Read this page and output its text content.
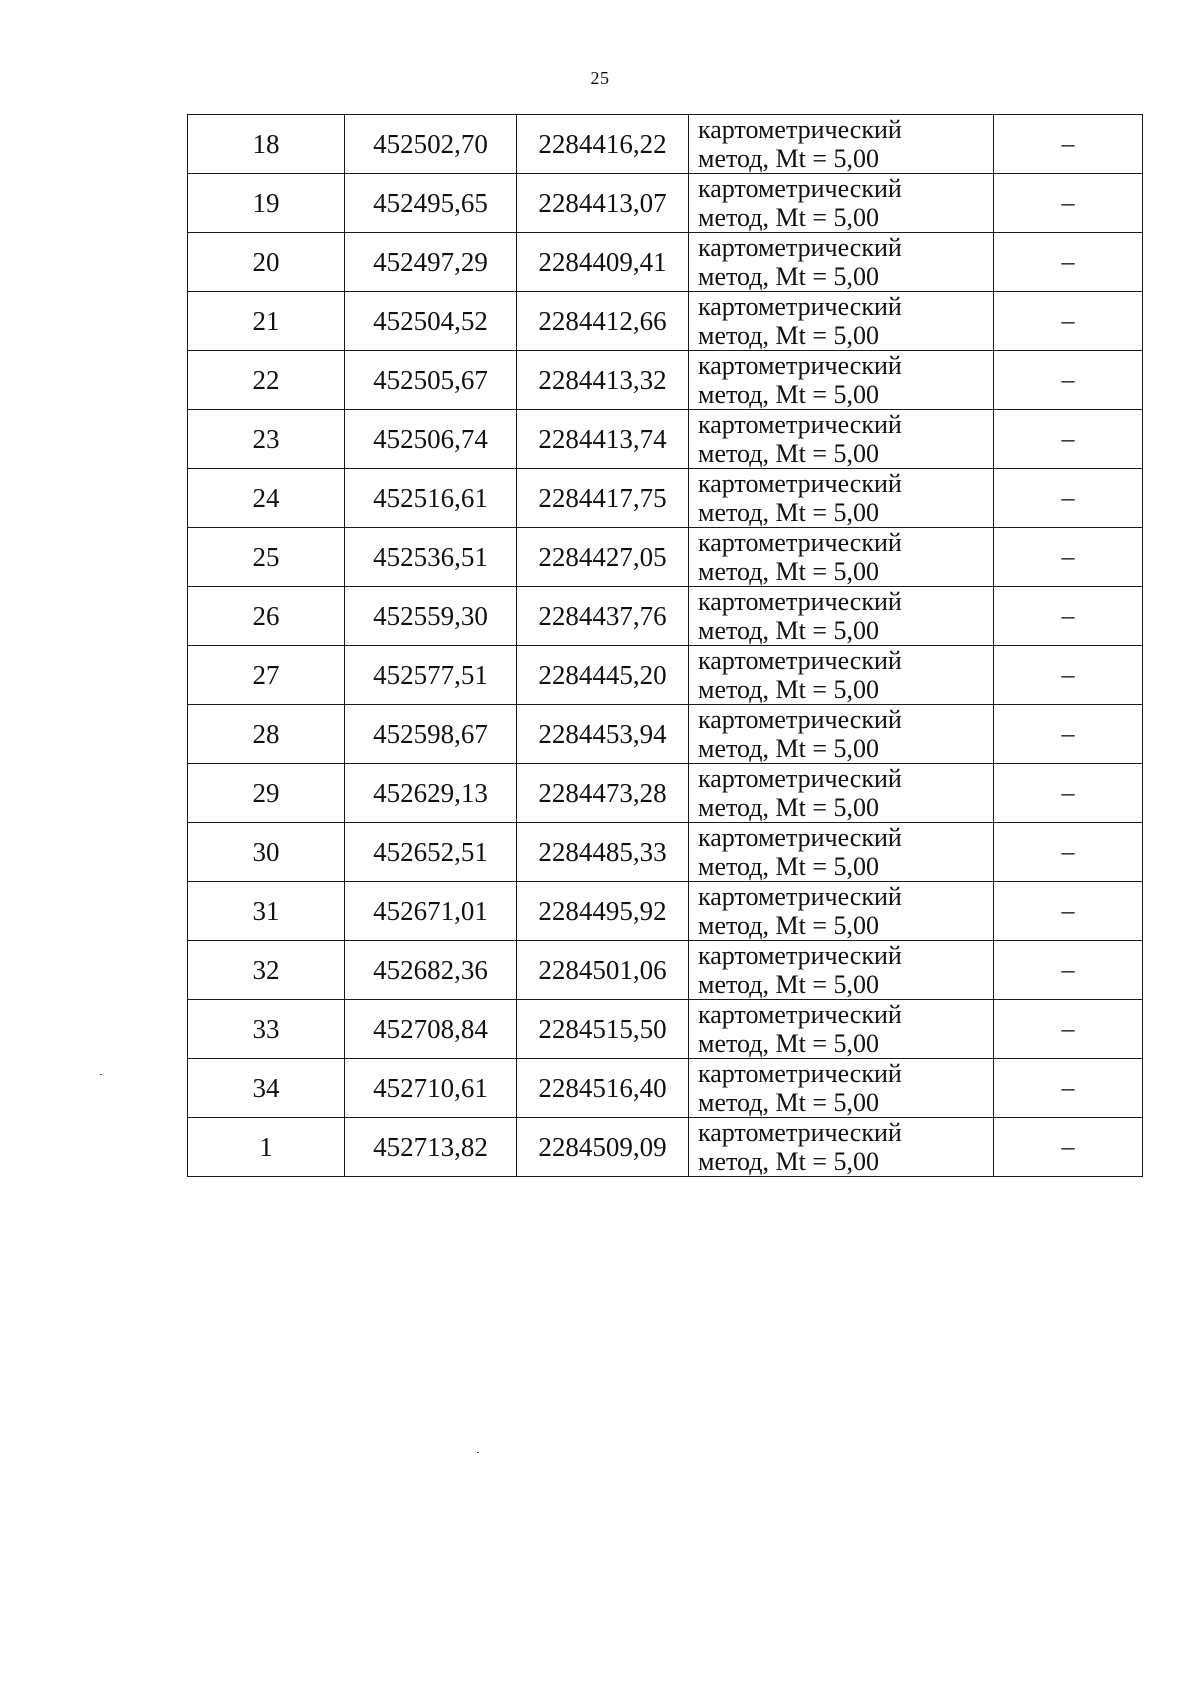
25
18	452502,70	2284416,22	картометрический
метод, Mt = 5,00	–
19	452495,65	2284413,07	картометрический
метод, Mt = 5,00	–
20	452497,29	2284409,41	картометрический
метод, Mt = 5,00	–
21	452504,52	2284412,66	картометрический
метод, Mt = 5,00	–
22	452505,67	2284413,32	картометрический
метод, Mt = 5,00	–
23	452506,74	2284413,74	картометрический
метод, Mt = 5,00	–
24	452516,61	2284417,75	картометрический
метод, Mt = 5,00	–
25	452536,51	2284427,05	картометрический
метод, Mt = 5,00	–
26	452559,30	2284437,76	картометрический
метод, Mt = 5,00	–
27	452577,51	2284445,20	картометрический
метод, Mt = 5,00	–
28	452598,67	2284453,94	картометрический
метод, Mt = 5,00	–
29	452629,13	2284473,28	картометрический
метод, Mt = 5,00	–
30	452652,51	2284485,33	картометрический
метод, Mt = 5,00	–
31	452671,01	2284495,92	картометрический
метод, Mt = 5,00	–
32	452682,36	2284501,06	картометрический
метод, Mt = 5,00	–
33	452708,84	2284515,50	картометрический
метод, Mt = 5,00	–
34	452710,61	2284516,40	картометрический
метод, Mt = 5,00	–
1	452713,82	2284509,09	картометрический
метод, Mt = 5,00	–
